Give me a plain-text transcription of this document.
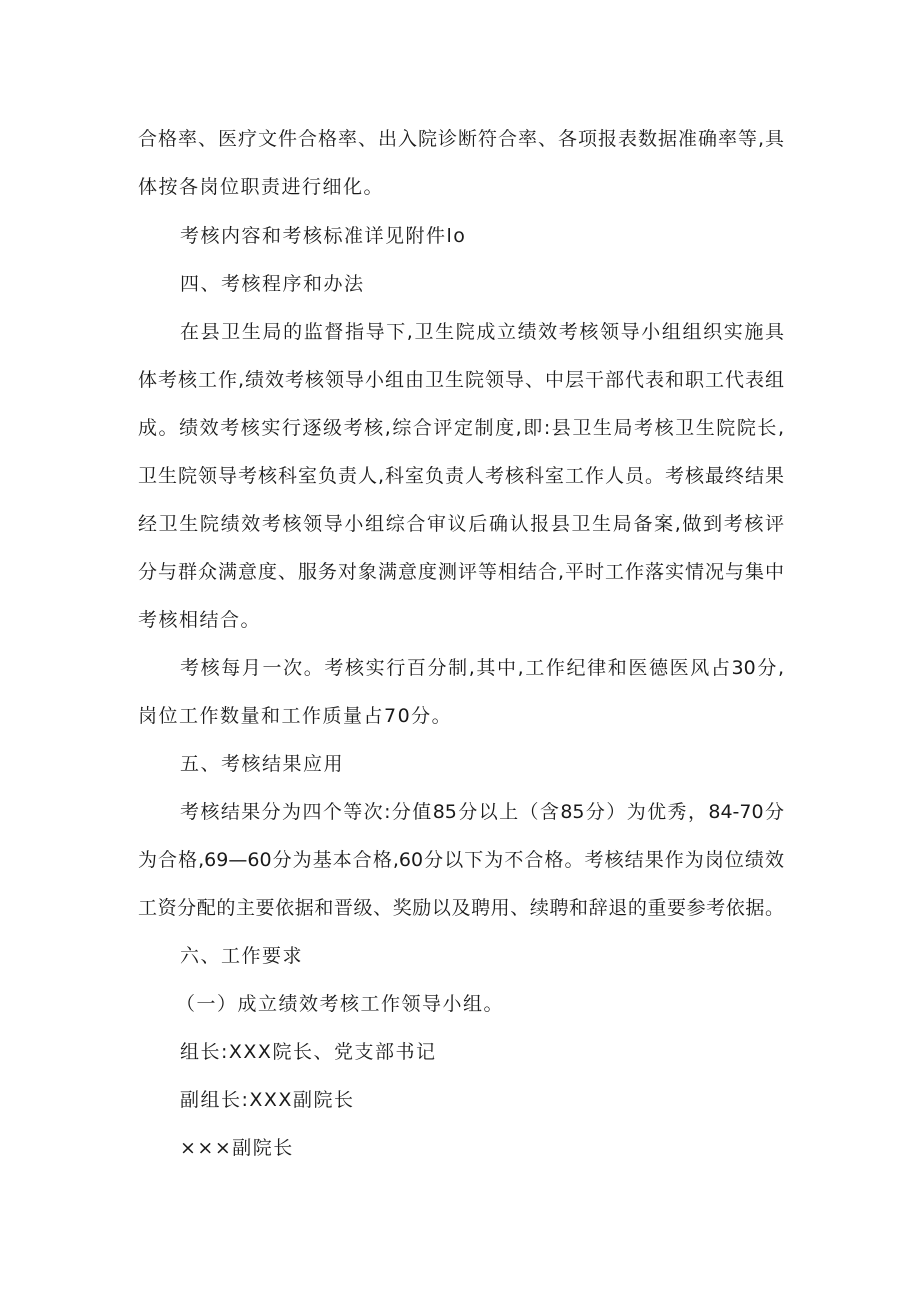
合格率、医疗文件合格率、出入院诊断符合率、各项报表数据准确率等,具
体按各岗位职责进行细化。
考核内容和考核标准详见附件lo
四、考核程序和办法
在县卫生局的监督指导下,卫生院成立绩效考核领导小组组织实施具
体考核工作,绩效考核领导小组由卫生院领导、中层干部代表和职工代表组
成。绩效考核实行逐级考核,综合评定制度,即:县卫生局考核卫生院院长,
卫生院领导考核科室负责人,科室负责人考核科室工作人员。考核最终结果
经卫生院绩效考核领导小组综合审议后确认报县卫生局备案,做到考核评
分与群众满意度、服务对象满意度测评等相结合,平时工作落实情况与集中
考核相结合。
考核每月一次。考核实行百分制,其中,工作纪律和医德医风占30分,
岗位工作数量和工作质量占70分。
五、考核结果应用
考核结果分为四个等次:分值85分以上（含85分）为优秀，84-70分
为合格,69—60分为基本合格,60分以下为不合格。考核结果作为岗位绩效
工资分配的主要依据和晋级、奖励以及聘用、续聘和辞退的重要参考依据。
六、工作要求
（一）成立绩效考核工作领导小组。
组长:XXX院长、党支部书记
副组长:XXX副院长
×××副院长
